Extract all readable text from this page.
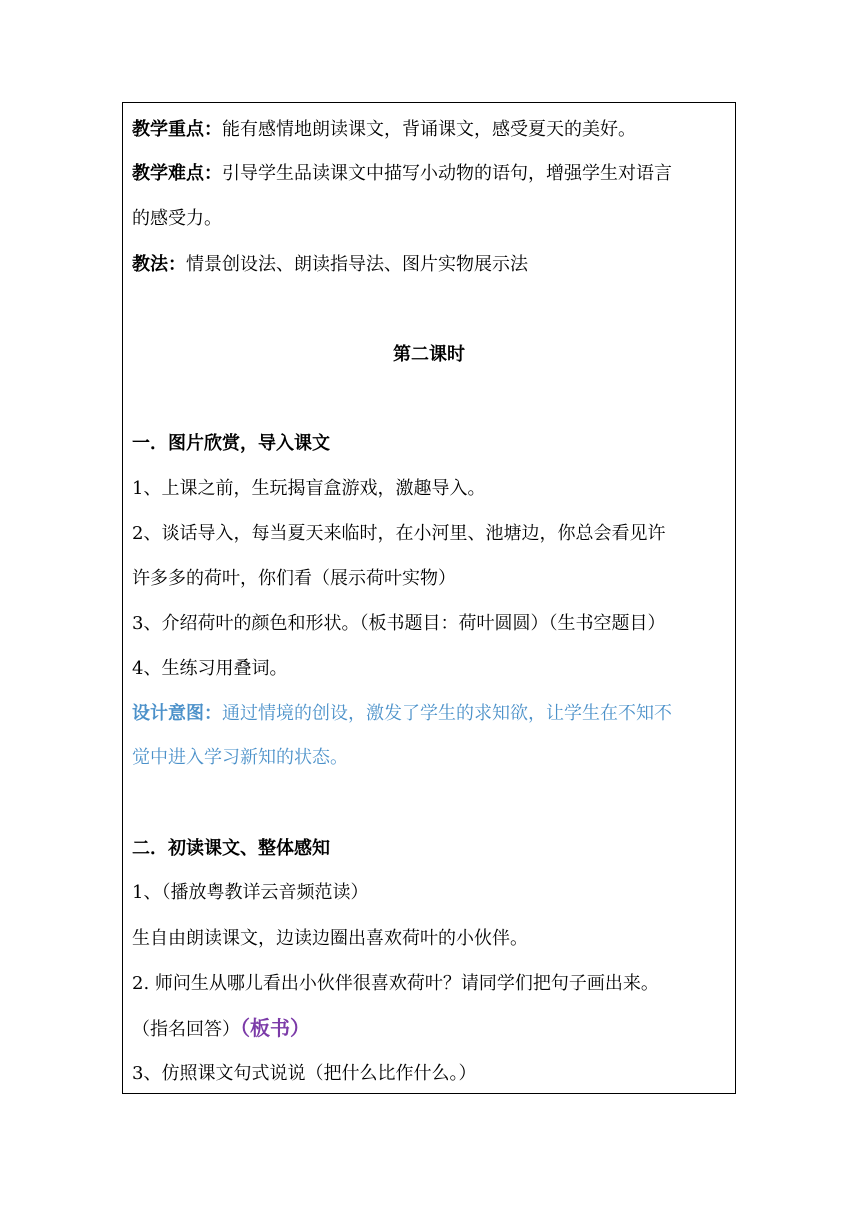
教学重点：能有感情地朗读课文，背诵课文，感受夏天的美好。
教学难点：引导学生品读课文中描写小动物的语句，增强学生对语言
的感受力。
教法：情景创设法、朗读指导法、图片实物展示法
第二课时
一．图片欣赏，导入课文
1、上课之前，生玩揭盲盒游戏，激趣导入。
2、谈话导入，每当夏天来临时，在小河里、池塘边，你总会看见许
许多多的荷叶，你们看（展示荷叶实物）
3、介绍荷叶的颜色和形状。（板书题目：荷叶圆圆）（生书空题目）
4、生练习用叠词。
设计意图：通过情境的创设，激发了学生的求知欲，让学生在不知不
觉中进入学习新知的状态。
二．初读课文、整体感知
1、（播放粤教详云音频范读）
生自由朗读课文，边读边圈出喜欢荷叶的小伙伴。
2. 师问生从哪儿看出小伙伴很喜欢荷叶？请同学们把句子画出来。
（指名回答）（板书）
3、仿照课文句式说说（把什么比作什么。）
